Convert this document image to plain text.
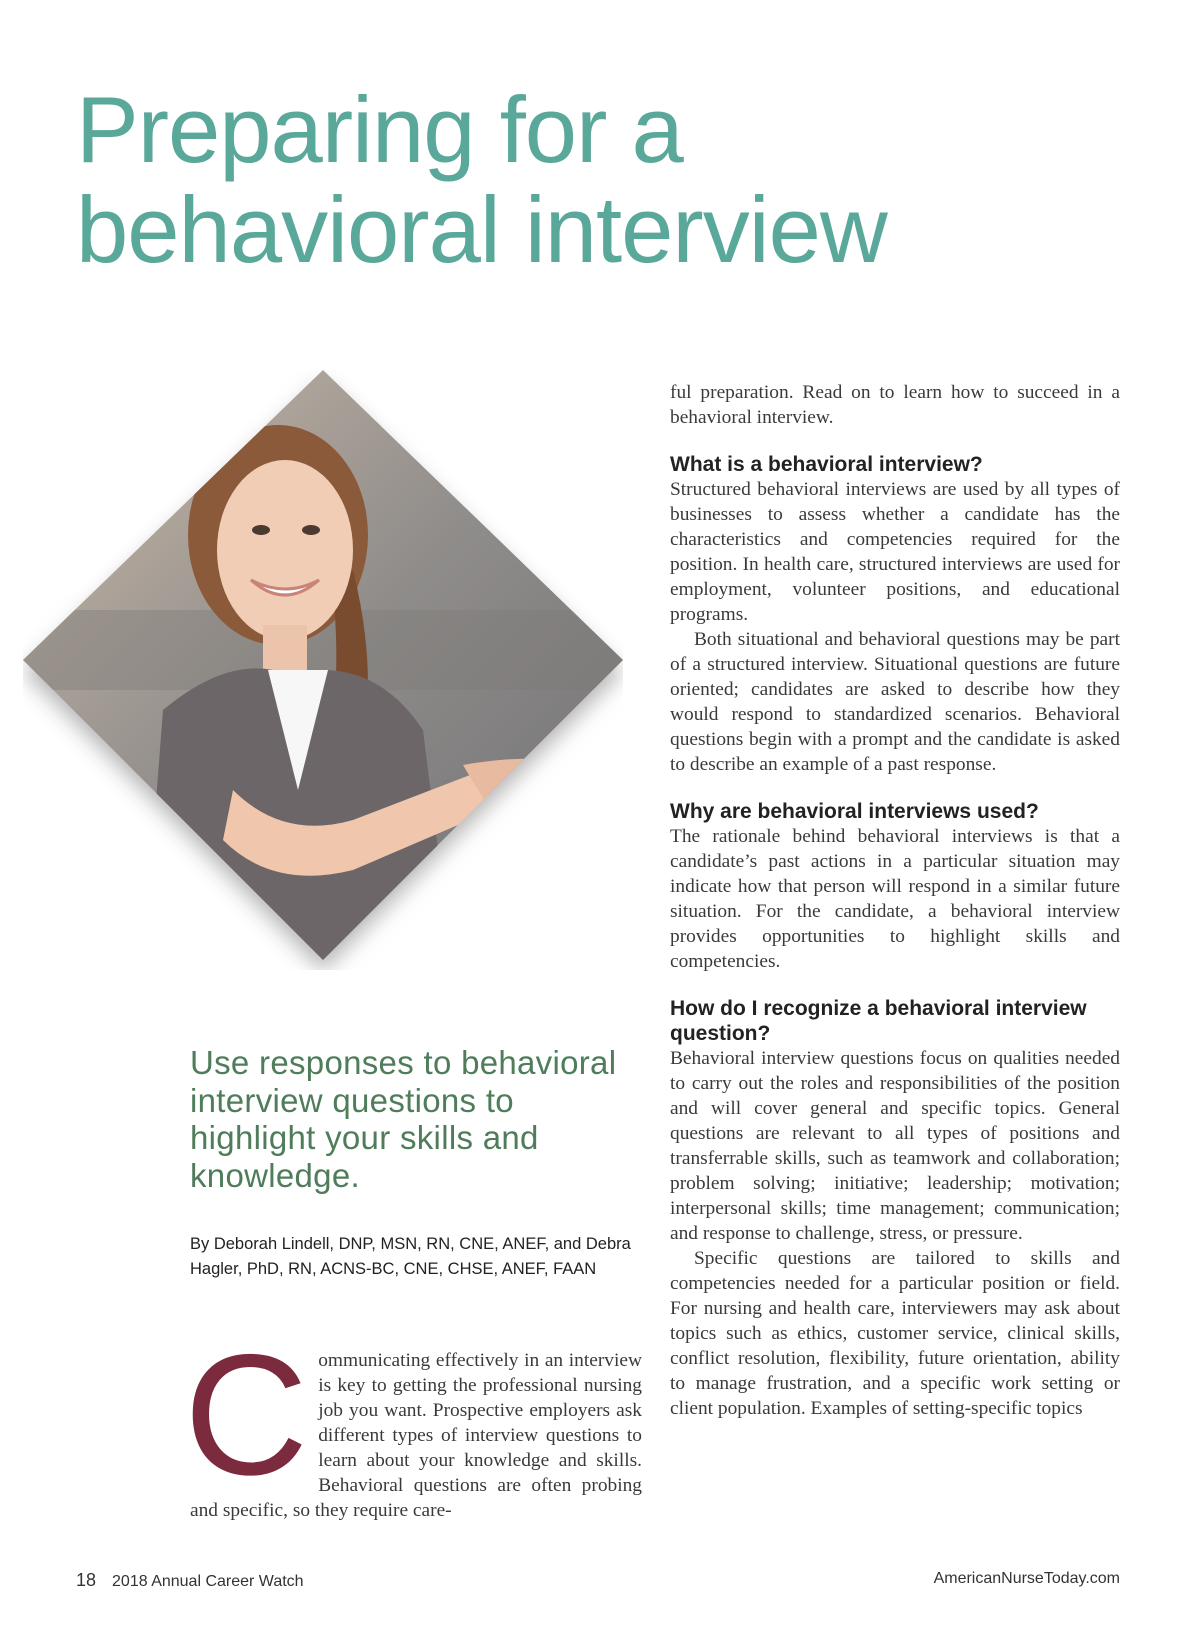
Preparing for a
behavioral interview
Use responses to behavioral interview questions to highlight your skills and knowledge.
By Deborah Lindell, DNP, MSN, RN, CNE, ANEF, and Debra Hagler, PhD, RN, ACNS-BC, CNE, CHSE, ANEF, FAAN
C ommunicating effectively in an interview is key to getting the professional nursing job you want. Prospective employers ask different types of interview questions to learn about your knowledge and skills. Behavioral questions are often probing and specific, so they require care-

ful preparation. Read on to learn how to succeed in a behavioral interview.

What is a behavioral interview?

Structured behavioral interviews are used by all types of businesses to assess whether a candidate has the characteristics and competencies required for the position. In health care, structured interviews are used for employment, volunteer positions, and educational programs.

Both situational and behavioral questions may be part of a structured interview. Situational questions are future oriented; candidates are asked to describe how they would respond to standardized scenarios. Behavioral questions begin with a prompt and the candidate is asked to describe an example of a past response.

Why are behavioral interviews used?

The rationale behind behavioral interviews is that a candidate’s past actions in a particular situation may indicate how that person will respond in a similar future situation. For the candidate, a behavioral interview provides opportunities to highlight skills and competencies.

How do I recognize a behavioral interview question?

Behavioral interview questions focus on qualities needed to carry out the roles and responsibilities of the position and will cover general and specific topics. General questions are relevant to all types of positions and transferrable skills, such as teamwork and collaboration; problem solving; initiative; leadership; motivation; interpersonal skills; time management; communication; and response to challenge, stress, or pressure.

Specific questions are tailored to skills and competencies needed for a particular position or field. For nursing and health care, interviewers may ask about topics such as ethics, customer service, clinical skills, conflict resolution, flexibility, future orientation, ability to manage frustration, and a specific work setting or client population. Examples of setting-specific topics

18 2018 Annual Career Watch	AmericanNurseToday.com
